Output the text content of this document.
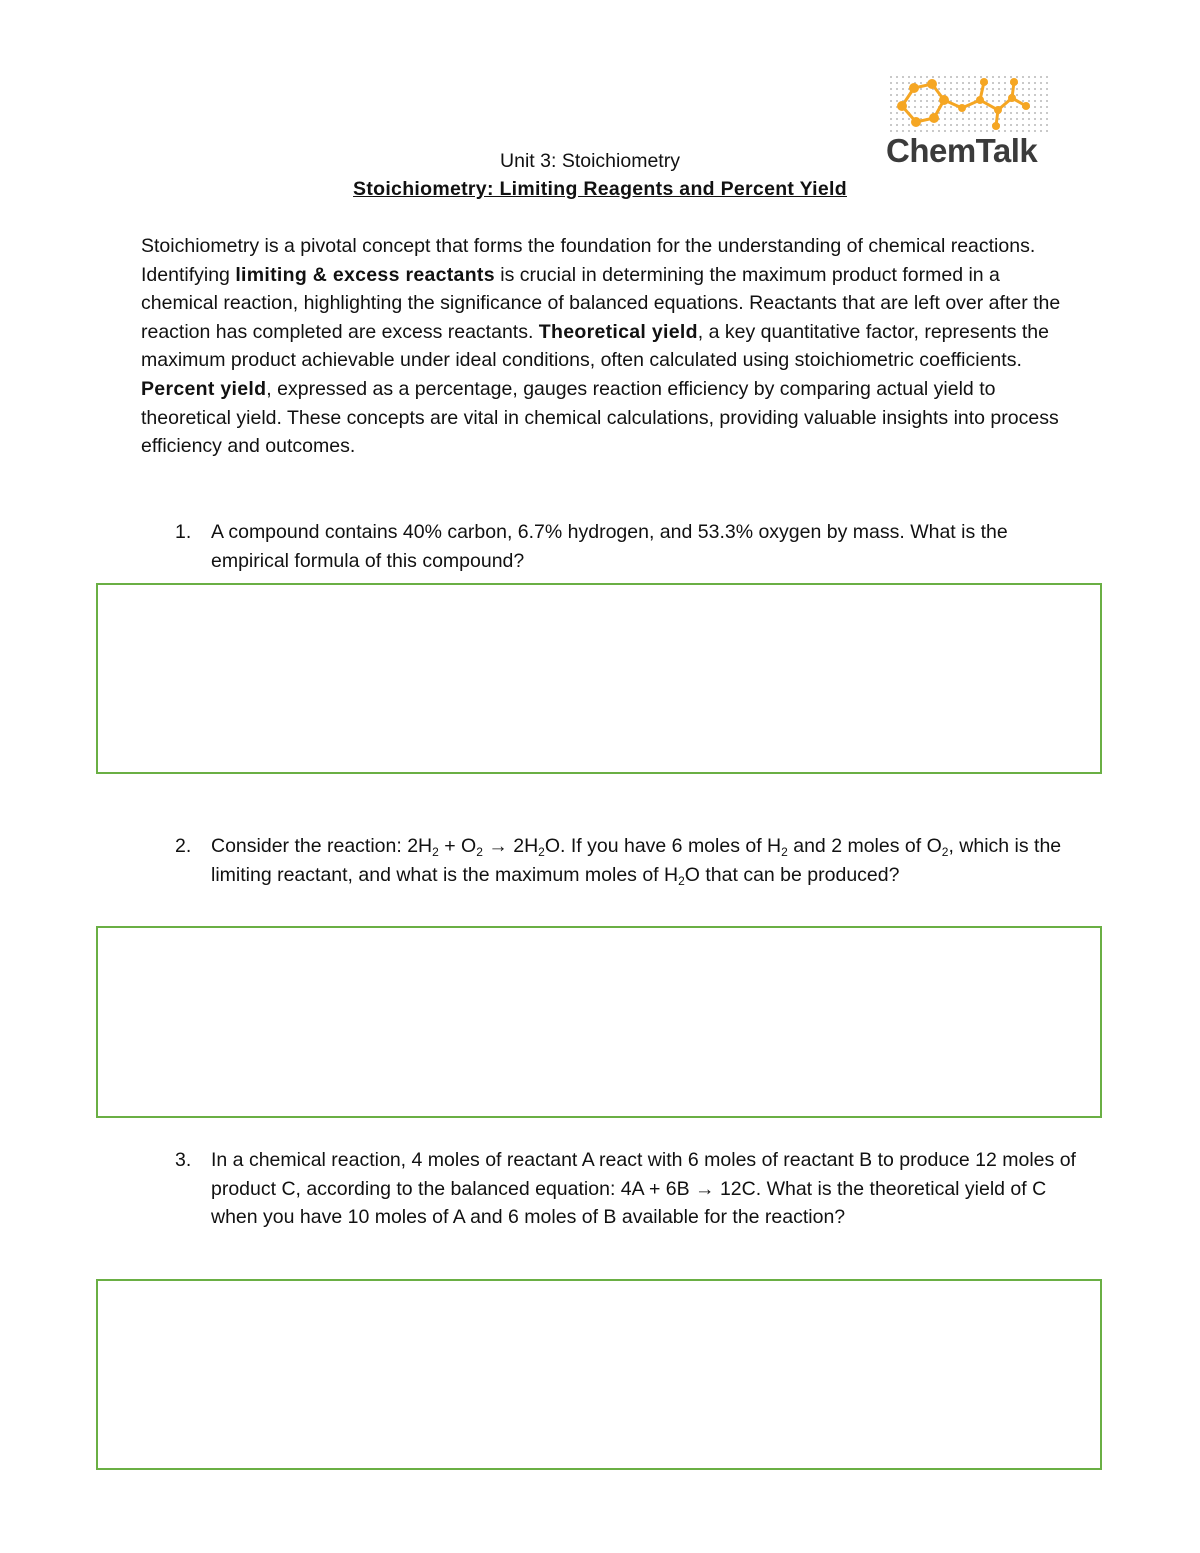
ChemTalk
Unit 3: Stoichiometry
Stoichiometry: Limiting Reagents and Percent Yield

Stoichiometry is a pivotal concept that forms the foundation for the understanding of chemical reactions. Identifying limiting & excess reactants is crucial in determining the maximum product formed in a chemical reaction, highlighting the significance of balanced equations. Reactants that are left over after the reaction has completed are excess reactants. Theoretical yield, a key quantitative factor, represents the maximum product achievable under ideal conditions, often calculated using stoichiometric coefficients. Percent yield, expressed as a percentage, gauges reaction efficiency by comparing actual yield to theoretical yield. These concepts are vital in chemical calculations, providing valuable insights into process efficiency and outcomes.

1. A compound contains 40% carbon, 6.7% hydrogen, and 53.3% oxygen by mass. What is the empirical formula of this compound?
2. Consider the reaction: $2H_2 + O_2 \to 2H_2O$. If you have 6 moles of $H_2$ and 2 moles of $O_2$, which is the limiting reactant, and what is the maximum moles of $H_2O$ that can be produced?
3. In a chemical reaction, 4 moles of reactant A react with 6 moles of reactant B to produce 12 moles of product C, according to the balanced equation: 4A + 6B → 12C. What is the theoretical yield of C when you have 10 moles of A and 6 moles of B available for the reaction?
